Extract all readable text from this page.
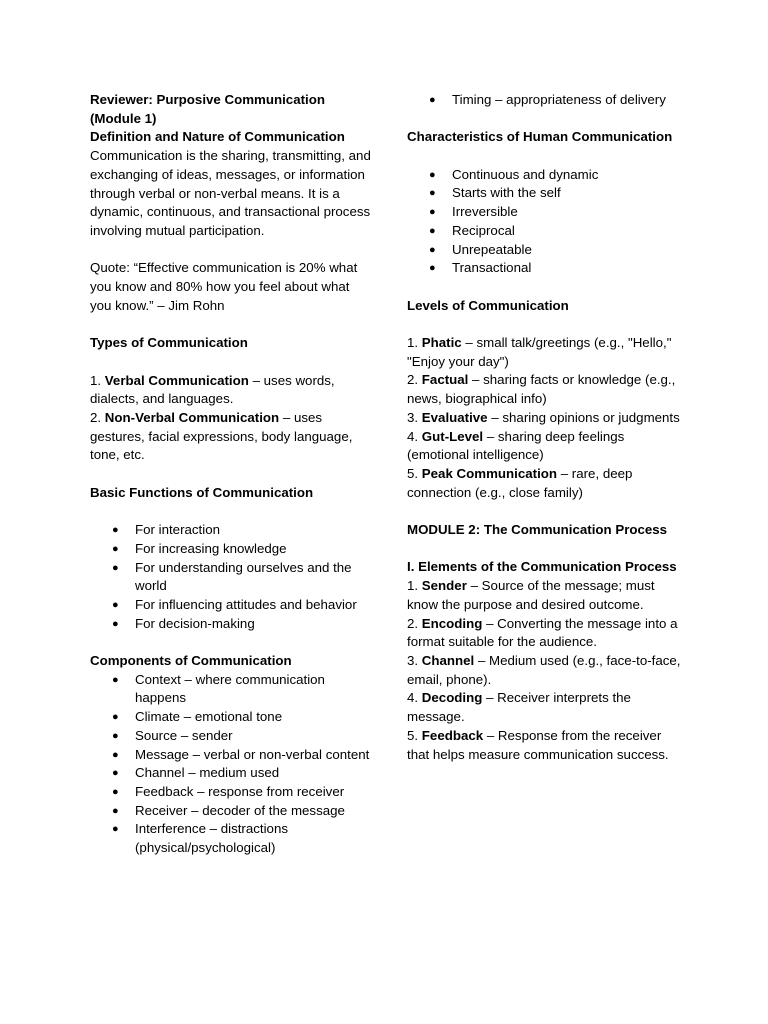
Reviewer: Purposive Communication (Module 1)

Definition and Nature of Communication

Communication is the sharing, transmitting, and exchanging of ideas, messages, or information through verbal or non-verbal means. It is a dynamic, continuous, and transactional process involving mutual participation.

Quote: “Effective communication is 20% what you know and 80% how you feel about what you know.” – Jim Rohn

Types of Communication

1. Verbal Communication – uses words, dialects, and languages.

2. Non-Verbal Communication – uses gestures, facial expressions, body language, tone, etc.

Basic Functions of Communication

● For interaction
● For increasing knowledge
● For understanding ourselves and the world
● For influencing attitudes and behavior
● For decision-making

Components of Communication

● Context – where communication happens
● Climate – emotional tone
● Source – sender
● Message – verbal or non-verbal content
● Channel – medium used
● Feedback – response from receiver
● Receiver – decoder of the message
● Interference – distractions (physical/psychological)
● Timing – appropriateness of delivery

Characteristics of Human Communication

● Continuous and dynamic
● Starts with the self
● Irreversible
● Reciprocal
● Unrepeatable
● Transactional

Levels of Communication

1. Phatic – small talk/greetings (e.g., "Hello," "Enjoy your day")

2. Factual – sharing facts or knowledge (e.g., news, biographical info)

3. Evaluative – sharing opinions or judgments

4. Gut-Level – sharing deep feelings (emotional intelligence)

5. Peak Communication – rare, deep connection (e.g., close family)

MODULE 2: The Communication Process

I. Elements of the Communication Process

1. Sender – Source of the message; must know the purpose and desired outcome.

2. Encoding – Converting the message into a format suitable for the audience.

3. Channel – Medium used (e.g., face-to-face, email, phone).

4. Decoding – Receiver interprets the message.

5. Feedback – Response from the receiver that helps measure communication success.
